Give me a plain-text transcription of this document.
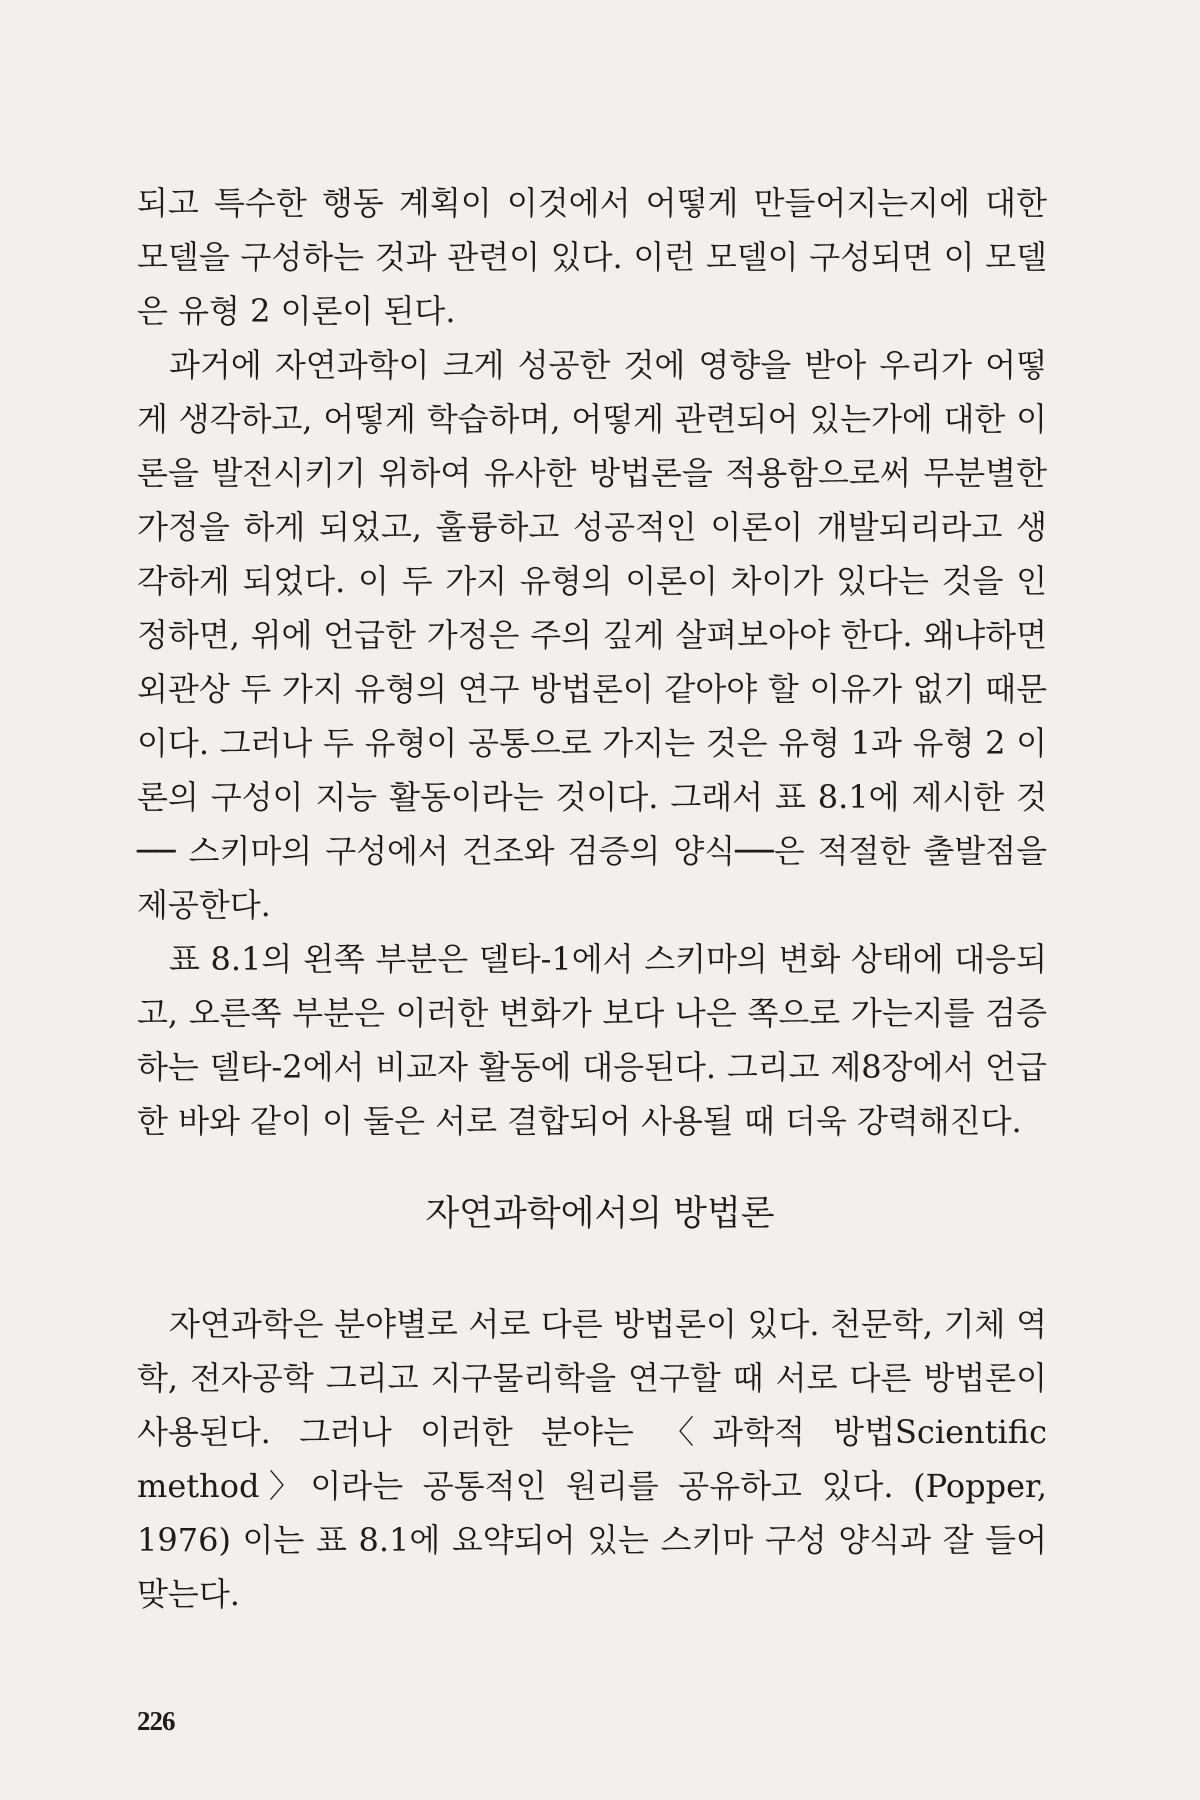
되고 특수한 행동 계획이 이것에서 어떻게 만들어지는지에 대한 모델을 구성하는 것과 관련이 있다. 이런 모델이 구성되면 이 모델은 유형 2 이론이 된다.

과거에 자연과학이 크게 성공한 것에 영향을 받아 우리가 어떻게 생각하고, 어떻게 학습하며, 어떻게 관련되어 있는가에 대한 이론을 발전시키기 위하여 유사한 방법론을 적용함으로써 무분별한 가정을 하게 되었고, 훌륭하고 성공적인 이론이 개발되리라고 생각하게 되었다. 이 두 가지 유형의 이론이 차이가 있다는 것을 인정하면, 위에 언급한 가정은 주의 깊게 살펴보아야 한다. 왜냐하면 외관상 두 가지 유형의 연구 방법론이 같아야 할 이유가 없기 때문이다. 그러나 두 유형이 공통으로 가지는 것은 유형 1과 유형 2 이론의 구성이 지능 활동이라는 것이다. 그래서 표 8.1에 제시한 것── 스키마의 구성에서 건조와 검증의 양식──은 적절한 출발점을 제공한다.

표 8.1의 왼쪽 부분은 델타-1에서 스키마의 변화 상태에 대응되고, 오른쪽 부분은 이러한 변화가 보다 나은 쪽으로 가는지를 검증하는 델타-2에서 비교자 활동에 대응된다. 그리고 제8장에서 언급한 바와 같이 이 둘은 서로 결합되어 사용될 때 더욱 강력해진다.

자연과학에서의 방법론

자연과학은 분야별로 서로 다른 방법론이 있다. 천문학, 기체 역학, 전자공학 그리고 지구물리학을 연구할 때 서로 다른 방법론이 사용된다. 그러나 이러한 분야는 〈과학적 방법Scientific method〉이라는 공통적인 원리를 공유하고 있다. (Popper, 1976) 이는 표 8.1에 요약되어 있는 스키마 구성 양식과 잘 들어맞는다.

226
